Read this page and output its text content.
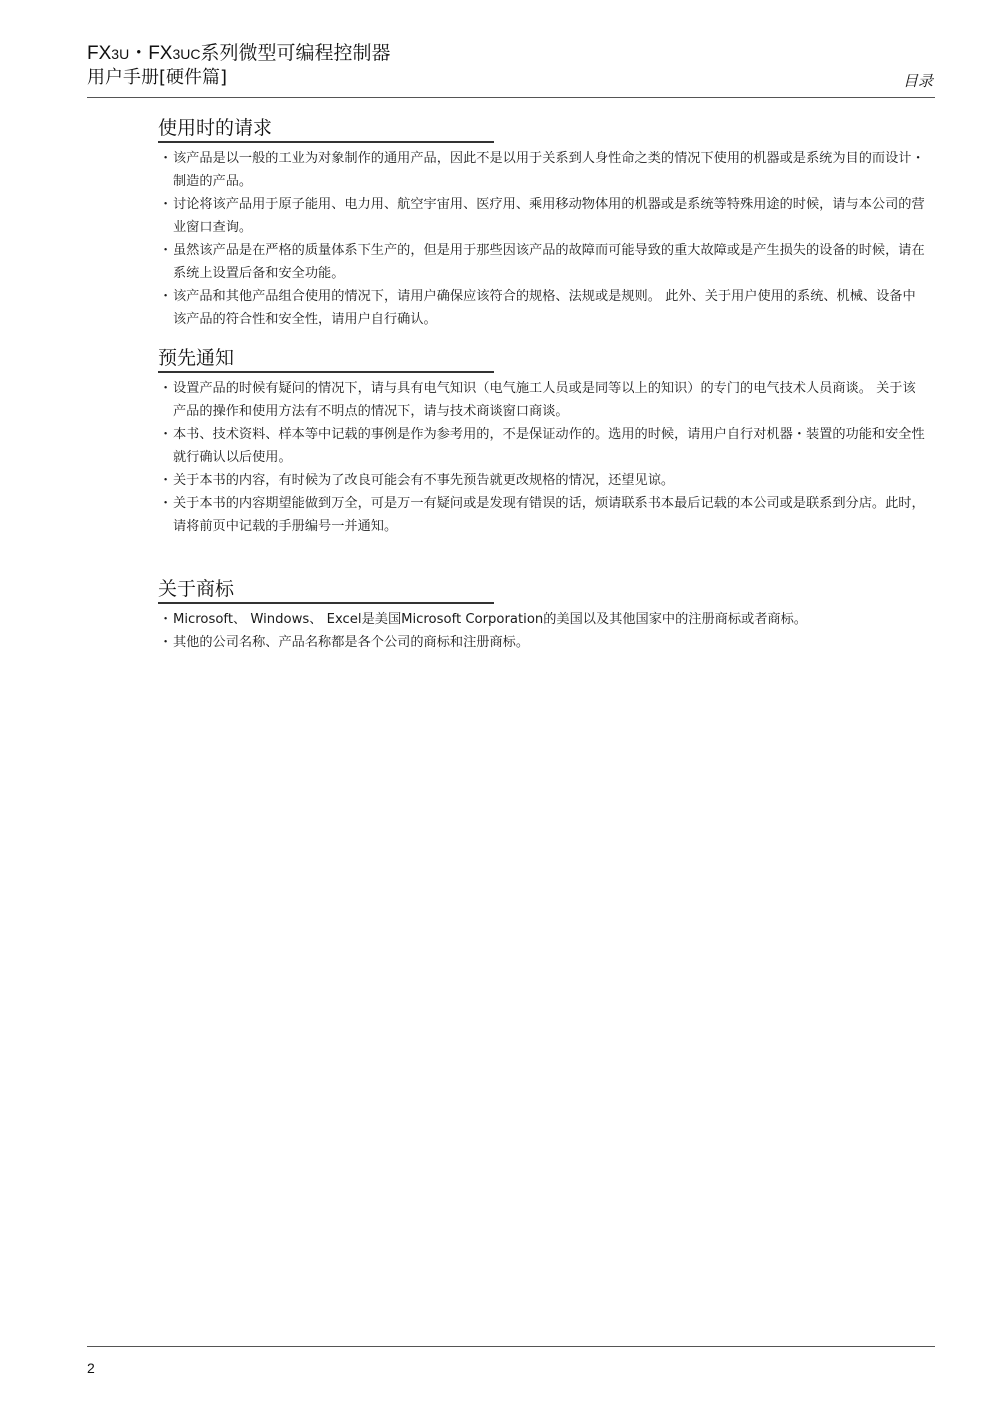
FX3U・FX3UC系列微型可编程控制器
用户手册[硬件篇]	目录
使用时的请求
・ 该产品是以一般的工业为对象制作的通用产品，因此不是以用于关系到人身性命之类的情况下使用的机器或是系统为目的而设计・制造的产品。
・ 讨论将该产品用于原子能用、电力用、航空宇宙用、医疗用、乘用移动物体用的机器或是系统等特殊用途的时候，请与本公司的营业窗口查询。
・ 虽然该产品是在严格的质量体系下生产的，但是用于那些因该产品的故障而可能导致的重大故障或是产生损失的设备的时候，请在系统上设置后备和安全功能。
・ 该产品和其他产品组合使用的情况下，请用户确保应该符合的规格、法规或是规则。 此外、关于用户使用的系统、机械、设备中该产品的符合性和安全性，请用户自行确认。
预先通知
・ 设置产品的时候有疑问的情况下，请与具有电气知识（电气施工人员或是同等以上的知识）的专门的电气技术人员商谈。 关于该产品的操作和使用方法有不明点的情况下，请与技术商谈窗口商谈。
・ 本书、技术资料、样本等中记载的事例是作为参考用的，不是保证动作的。选用的时候，请用户自行对机器・装置的功能和安全性就行确认以后使用。
・ 关于本书的内容，有时候为了改良可能会有不事先预告就更改规格的情况，还望见谅。
・ 关于本书的内容期望能做到万全，可是万一有疑问或是发现有错误的话，烦请联系书本最后记载的本公司或是联系到分店。此时，请将前页中记载的手册编号一并通知。
关于商标
・ Microsoft、 Windows、 Excel是美国Microsoft Corporation的美国以及其他国家中的注册商标或者商标。
・ 其他的公司名称、产品名称都是各个公司的商标和注册商标。
2
